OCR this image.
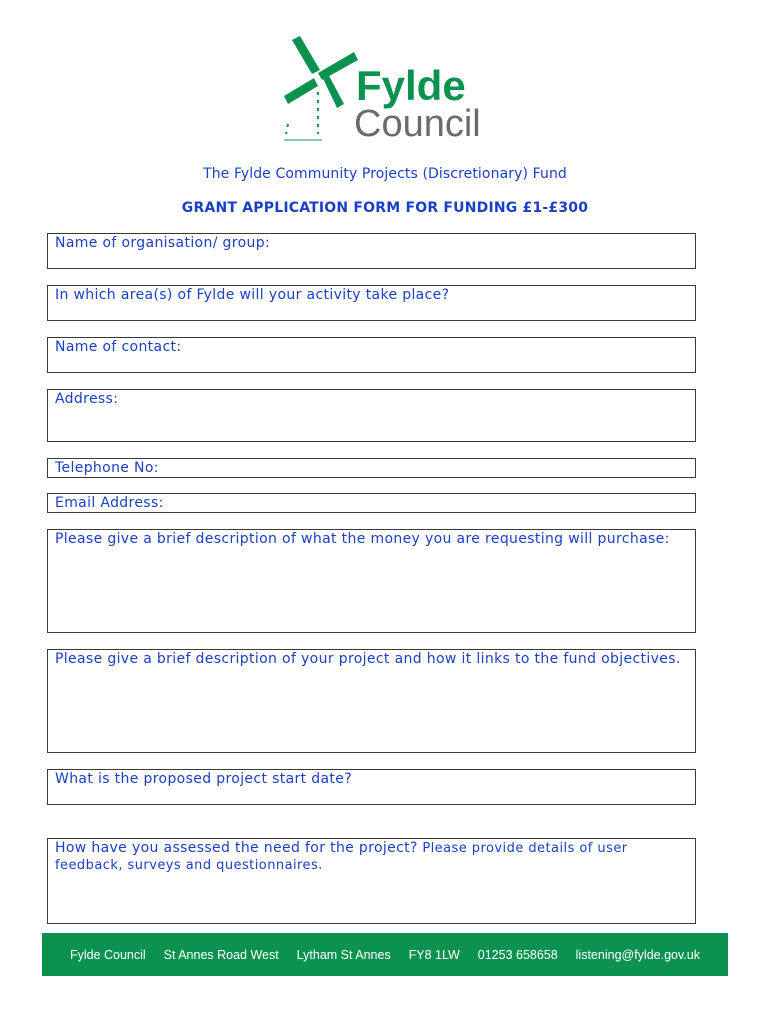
Fylde
Council
The Fylde Community Projects (Discretionary) Fund
GRANT APPLICATION FORM FOR FUNDING £1-£300
Name of organisation/ group:
In which area(s) of Fylde will your activity take place?
Name of contact:
Address:
Telephone No:
Email Address:
Please give a brief description of what the money you are requesting will purchase:
Please give a brief description of your project and how it links to the fund objectives.
What is the proposed project start date?
How have you assessed the need for the project? Please provide details of user feedback, surveys and questionnaires.
Fylde Council St Annes Road West Lytham St Annes FY8 1LW 01253 658658 listening@fylde.gov.uk
